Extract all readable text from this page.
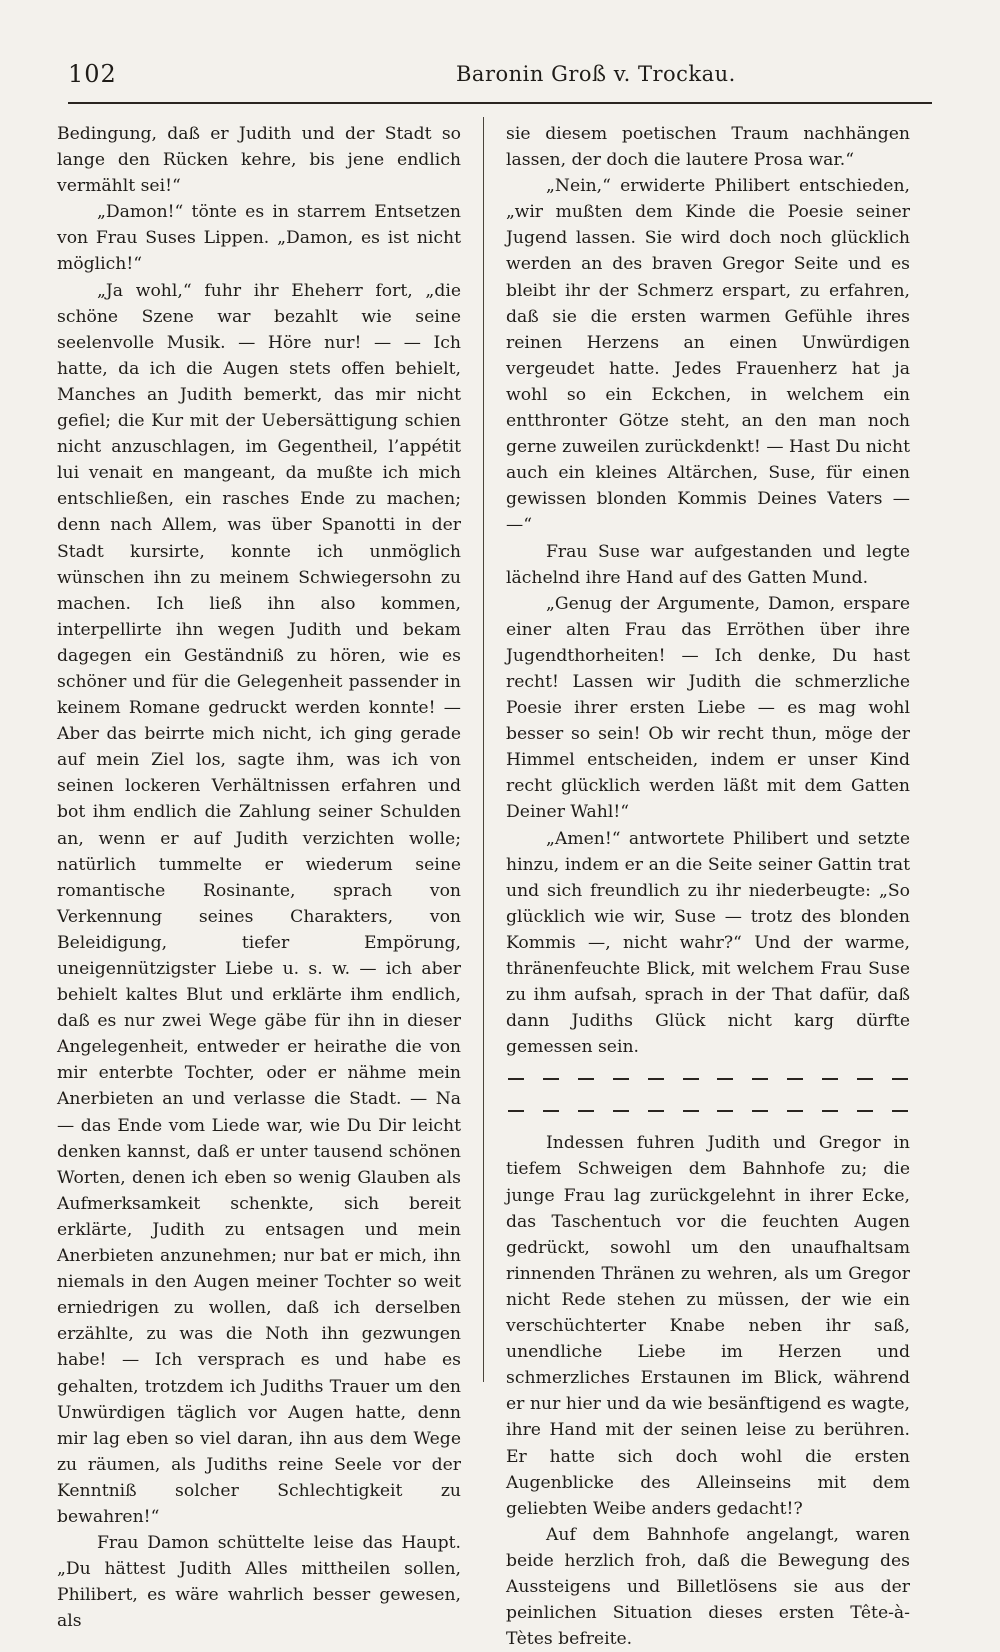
102	Baronin Groß v. Trockau.

Bedingung, daß er Judith und der Stadt so lange den Rücken kehre, bis jene endlich vermählt sei!“

„Damon!“ tönte es in starrem Entsetzen von Frau Suses Lippen. „Damon, es ist nicht möglich!“

„Ja wohl,“ fuhr ihr Eheherr fort, „die schöne Szene war bezahlt wie seine seelenvolle Musik. — Höre nur! — — Ich hatte, da ich die Augen stets offen behielt, Manches an Judith bemerkt, das mir nicht gefiel; die Kur mit der Uebersättigung schien nicht anzuschlagen, im Gegentheil, l’appétit lui venait en mangeant, da mußte ich mich entschließen, ein rasches Ende zu machen; denn nach Allem, was über Spanotti in der Stadt kursirte, konnte ich unmöglich wünschen ihn zu meinem Schwiegersohn zu machen. Ich ließ ihn also kommen, interpellirte ihn wegen Judith und bekam dagegen ein Geständniß zu hören, wie es schöner und für die Gelegenheit passender in keinem Romane gedruckt werden konnte! — Aber das beirrte mich nicht, ich ging gerade auf mein Ziel los, sagte ihm, was ich von seinen lockeren Verhältnissen erfahren und bot ihm endlich die Zahlung seiner Schulden an, wenn er auf Judith verzichten wolle; natürlich tummelte er wiederum seine romantische Rosinante, sprach von Verkennung seines Charakters, von Beleidigung, tiefer Empörung, uneigennützigster Liebe u. s. w. — ich aber behielt kaltes Blut und erklärte ihm endlich, daß es nur zwei Wege gäbe für ihn in dieser Angelegenheit, entweder er heirathe die von mir enterbte Tochter, oder er nähme mein Anerbieten an und verlasse die Stadt. — Na — das Ende vom Liede war, wie Du Dir leicht denken kannst, daß er unter tausend schönen Worten, denen ich eben so wenig Glauben als Aufmerksamkeit schenkte, sich bereit erklärte, Judith zu entsagen und mein Anerbieten anzunehmen; nur bat er mich, ihn niemals in den Augen meiner Tochter so weit erniedrigen zu wollen, daß ich derselben erzählte, zu was die Noth ihn gezwungen habe! — Ich versprach es und habe es gehalten, trotzdem ich Judiths Trauer um den Unwürdigen täglich vor Augen hatte, denn mir lag eben so viel daran, ihn aus dem Wege zu räumen, als Judiths reine Seele vor der Kenntniß solcher Schlechtigkeit zu bewahren!“

Frau Damon schüttelte leise das Haupt. „Du hättest Judith Alles mittheilen sollen, Philibert, es wäre wahrlich besser gewesen, als

sie diesem poetischen Traum nachhängen lassen, der doch die lautere Prosa war.“

„Nein,“ erwiderte Philibert entschieden, „wir mußten dem Kinde die Poesie seiner Jugend lassen. Sie wird doch noch glücklich werden an des braven Gregor Seite und es bleibt ihr der Schmerz erspart, zu erfahren, daß sie die ersten warmen Gefühle ihres reinen Herzens an einen Unwürdigen vergeudet hatte. Jedes Frauenherz hat ja wohl so ein Eckchen, in welchem ein entthronter Götze steht, an den man noch gerne zuweilen zurückdenkt! — Hast Du nicht auch ein kleines Altärchen, Suse, für einen gewissen blonden Kommis Deines Vaters — —“

Frau Suse war aufgestanden und legte lächelnd ihre Hand auf des Gatten Mund.

„Genug der Argumente, Damon, erspare einer alten Frau das Erröthen über ihre Jugendthorheiten! — Ich denke, Du hast recht! Lassen wir Judith die schmerzliche Poesie ihrer ersten Liebe — es mag wohl besser so sein! Ob wir recht thun, möge der Himmel entscheiden, indem er unser Kind recht glücklich werden läßt mit dem Gatten Deiner Wahl!“

„Amen!“ antwortete Philibert und setzte hinzu, indem er an die Seite seiner Gattin trat und sich freundlich zu ihr niederbeugte: „So glücklich wie wir, Suse — trotz des blonden Kommis —, nicht wahr?“ Und der warme, thränenfeuchte Blick, mit welchem Frau Suse zu ihm aufsah, sprach in der That dafür, daß dann Judiths Glück nicht karg dürfte gemessen sein.

Indessen fuhren Judith und Gregor in tiefem Schweigen dem Bahnhofe zu; die junge Frau lag zurückgelehnt in ihrer Ecke, das Taschentuch vor die feuchten Augen gedrückt, sowohl um den unaufhaltsam rinnenden Thränen zu wehren, als um Gregor nicht Rede stehen zu müssen, der wie ein verschüchterter Knabe neben ihr saß, unendliche Liebe im Herzen und schmerzliches Erstaunen im Blick, während er nur hier und da wie besänftigend es wagte, ihre Hand mit der seinen leise zu berühren. Er hatte sich doch wohl die ersten Augenblicke des Alleinseins mit dem geliebten Weibe anders gedacht!?

Auf dem Bahnhofe angelangt, waren beide herzlich froh, daß die Bewegung des Aussteigens und Billetlösens sie aus der peinlichen Situation dieses ersten Tête-à-Tètes befreite.
